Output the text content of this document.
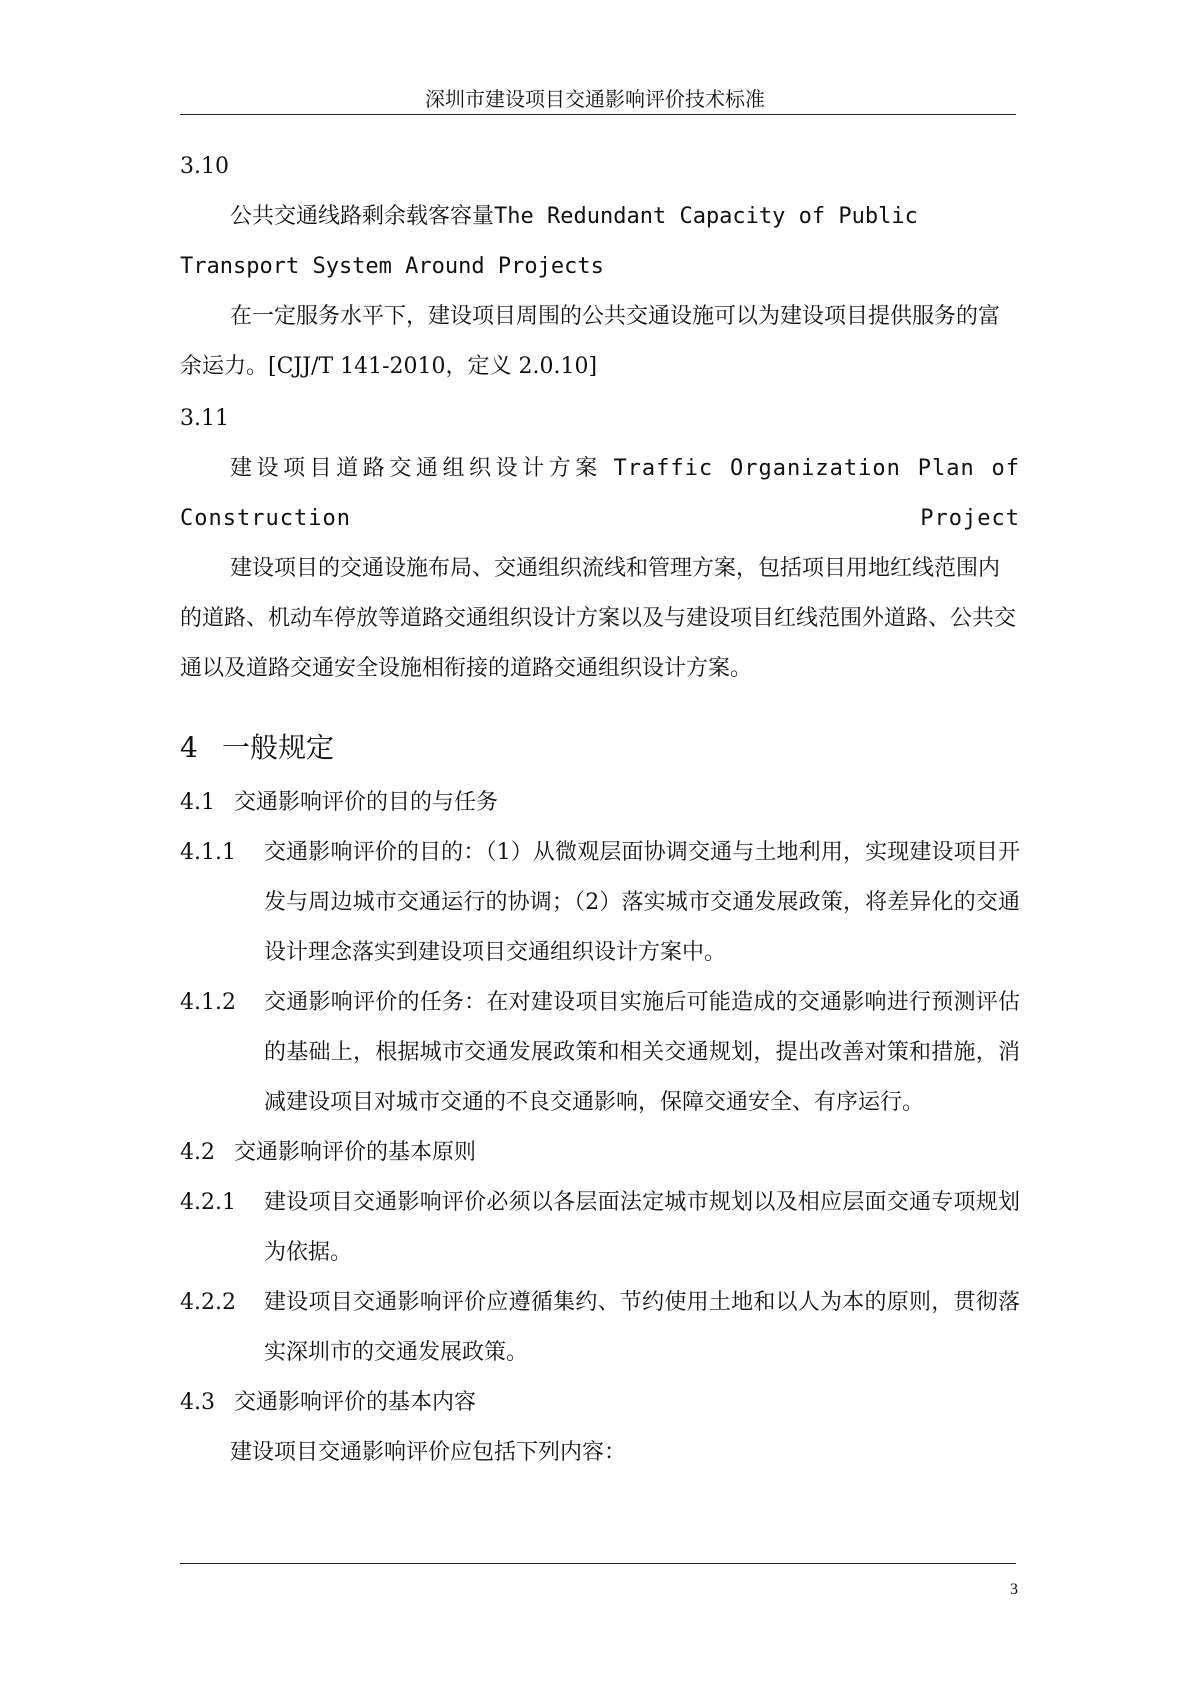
深圳市建设项目交通影响评价技术标准

3.10

公共交通线路剩余载客容量The Redundant Capacity of Public Transport System Around Projects

在一定服务水平下，建设项目周围的公共交通设施可以为建设项目提供服务的富余运力。[CJJ/T 141-2010，定义 2.0.10]

3.11

建设项目道路交通组织设计方案 Traffic Organization Plan of Construction Project

建设项目的交通设施布局、交通组织流线和管理方案，包括项目用地红线范围内的道路、机动车停放等道路交通组织设计方案以及与建设项目红线范围外道路、公共交通以及道路交通安全设施相衔接的道路交通组织设计方案。

4 一般规定

4.1 交通影响评价的目的与任务

4.1.1	交通影响评价的目的：（1）从微观层面协调交通与土地利用，实现建设项目开发与周边城市交通运行的协调；（2）落实城市交通发展政策，将差异化的交通设计理念落实到建设项目交通组织设计方案中。

4.1.2	交通影响评价的任务：在对建设项目实施后可能造成的交通影响进行预测评估的基础上，根据城市交通发展政策和相关交通规划，提出改善对策和措施，消减建设项目对城市交通的不良交通影响，保障交通安全、有序运行。

4.2 交通影响评价的基本原则

4.2.1	建设项目交通影响评价必须以各层面法定城市规划以及相应层面交通专项规划为依据。

4.2.2	建设项目交通影响评价应遵循集约、节约使用土地和以人为本的原则，贯彻落实深圳市的交通发展政策。

4.3 交通影响评价的基本内容

建设项目交通影响评价应包括下列内容：

3
